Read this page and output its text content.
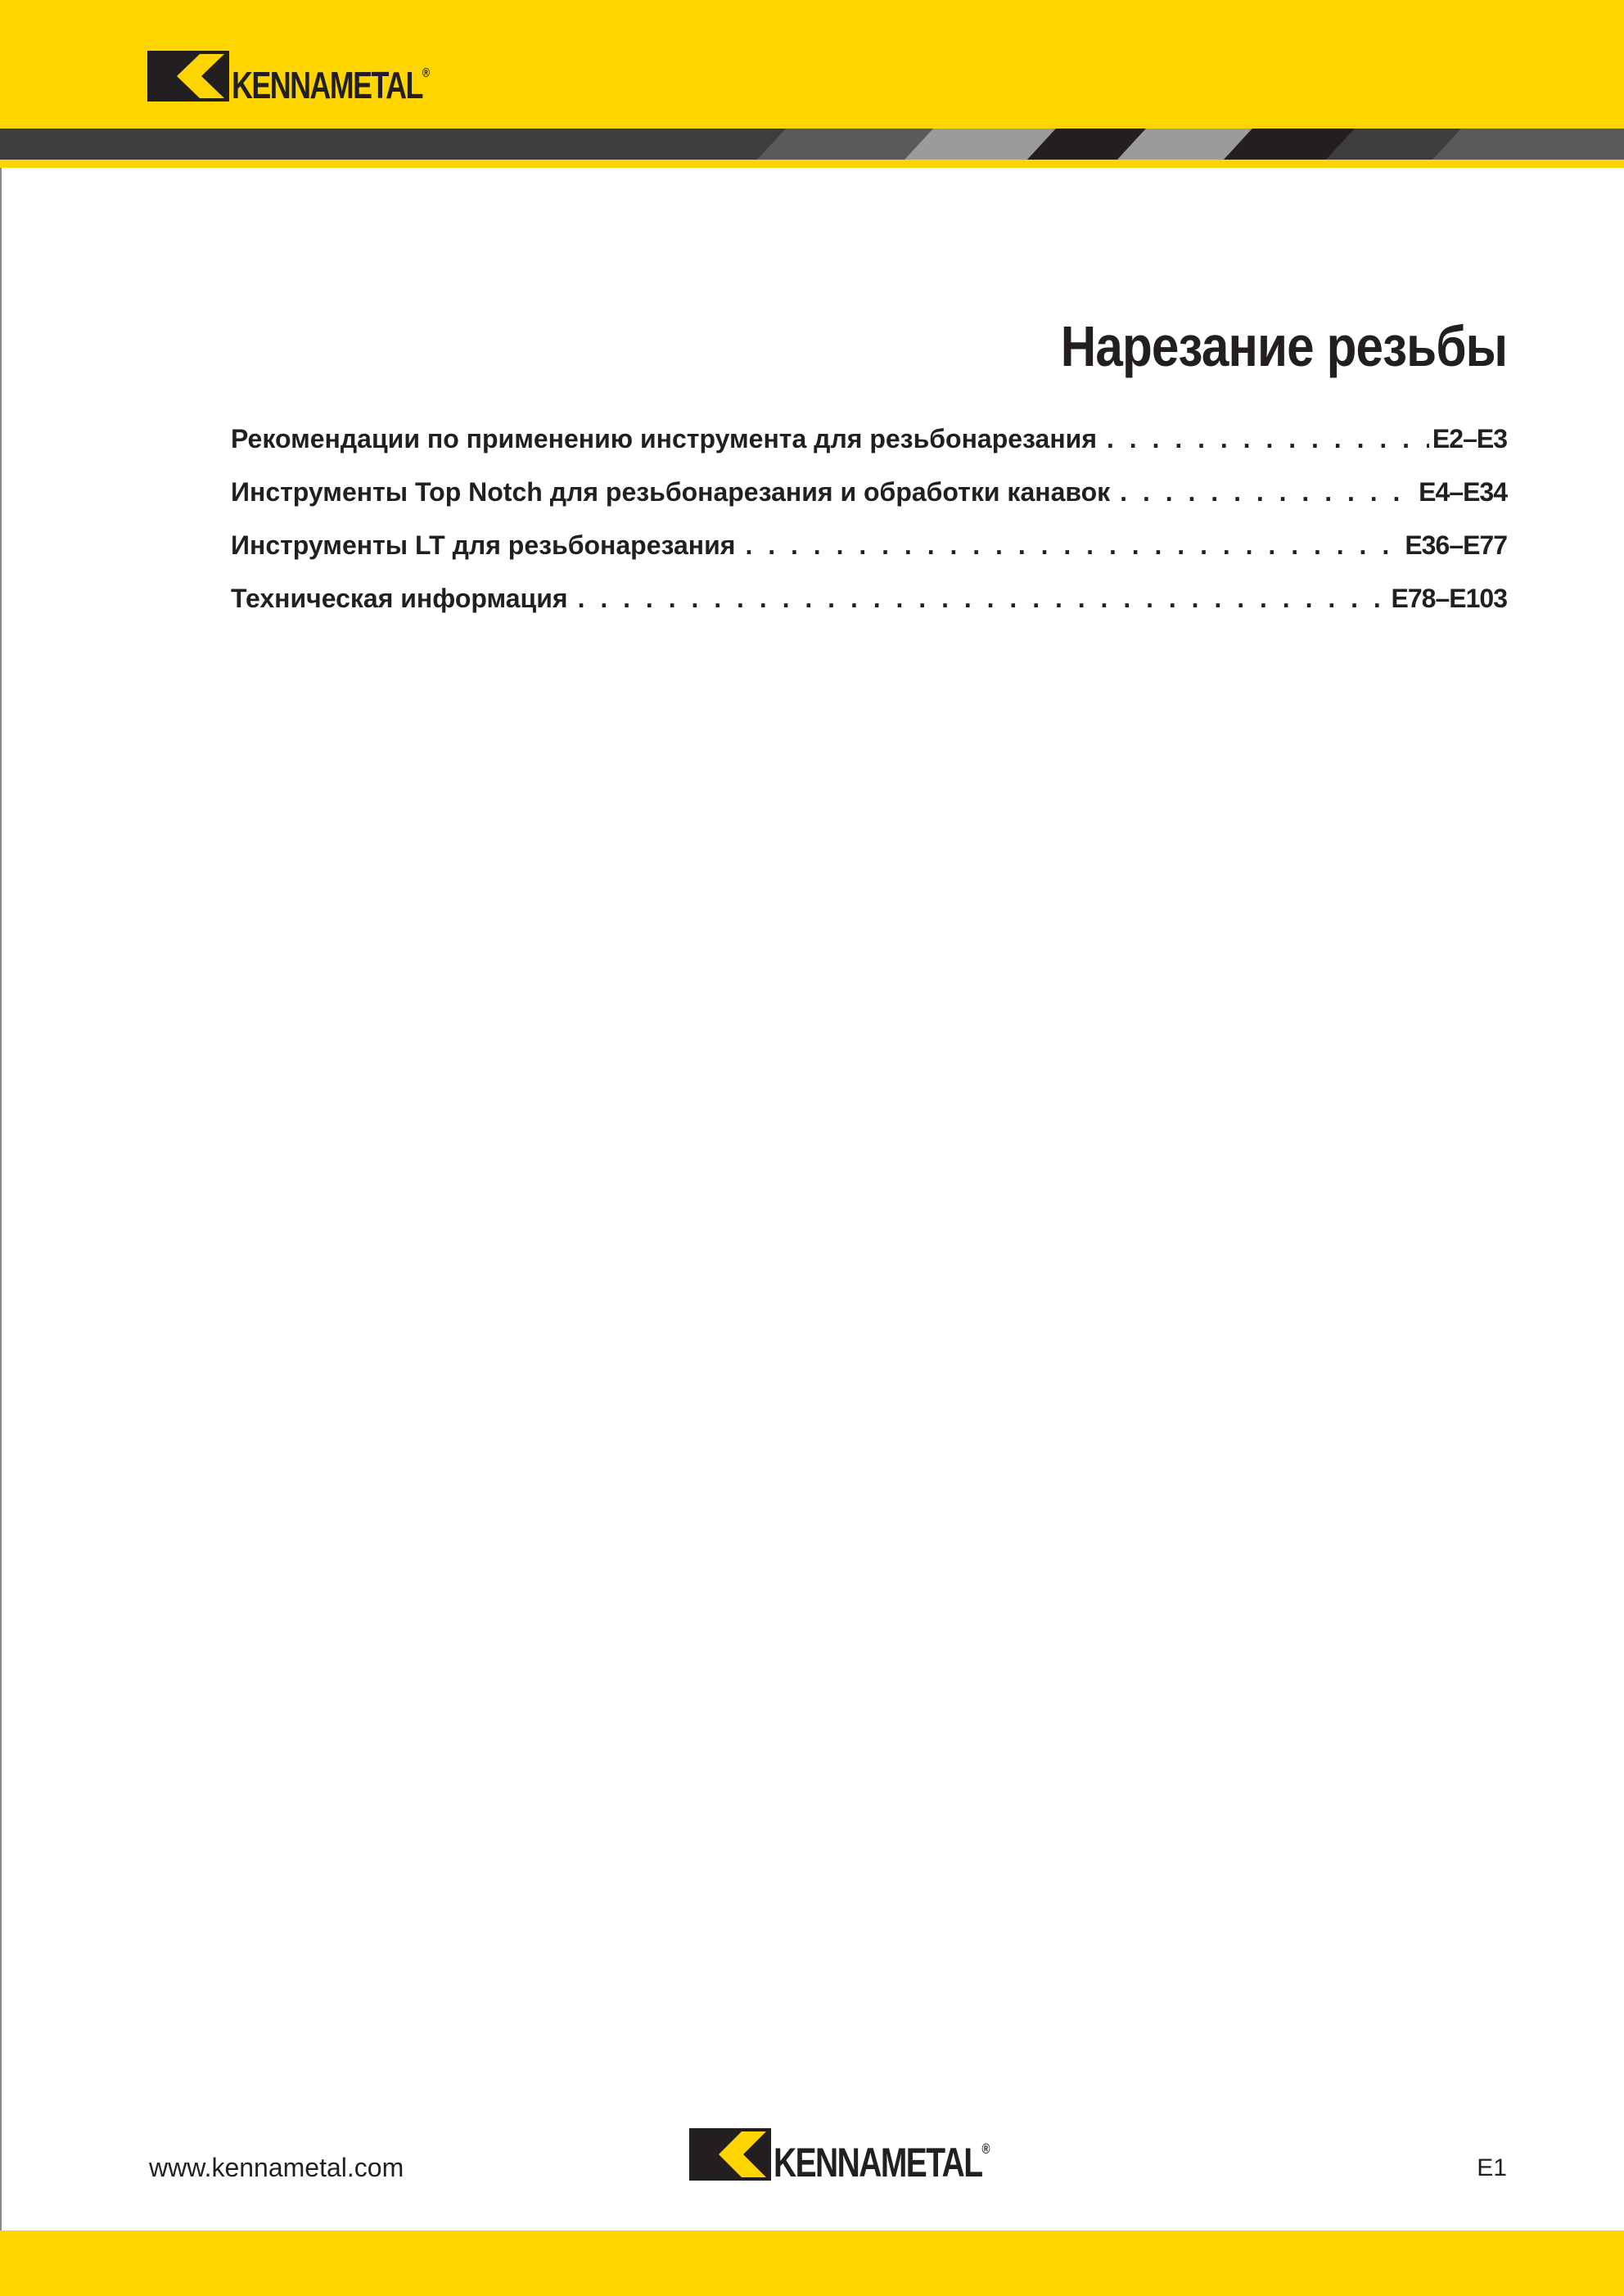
KENNAMETAL®
Нарезание резьбы
Рекомендации по применению инструмента для резьбонарезания . . .	E2–E3
Инструменты Top Notch для резьбонарезания и обработки канавок . . .	E4–E34
Инструменты LT для резьбонарезания . . .	E36–E77
Техническая информация . . .	E78–E103
www.kennametal.com	KENNAMETAL®
E1
